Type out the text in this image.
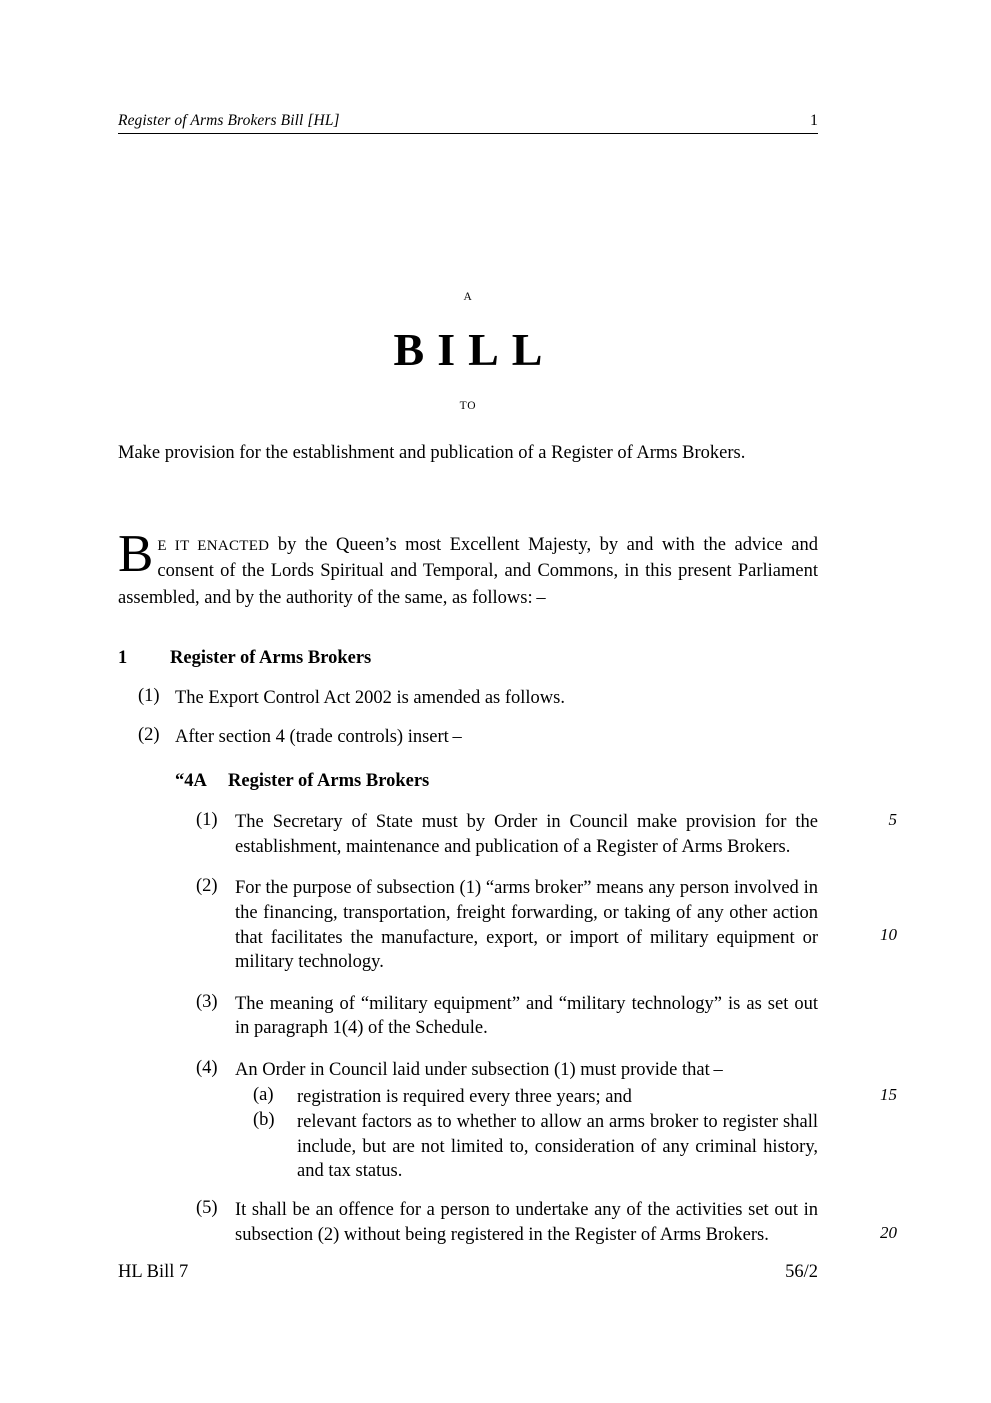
Register of Arms Brokers Bill [HL]	1
A
BILL
TO
Make provision for the establishment and publication of a Register of Arms Brokers.
B E IT ENACTED by the Queen’s most Excellent Majesty, by and with the advice and consent of the Lords Spiritual and Temporal, and Commons, in this present Parliament assembled, and by the authority of the same, as follows: –
1	Register of Arms Brokers
(1) The Export Control Act 2002 is amended as follows.
(2) After section 4 (trade controls) insert –
“4A	Register of Arms Brokers
(1) The Secretary of State must by Order in Council make provision for the establishment, maintenance and publication of a Register of Arms Brokers.
5
(2) For the purpose of subsection (1) “arms broker” means any person involved in the financing, transportation, freight forwarding, or taking of any other action that facilitates the manufacture, export, or import of military equipment or military technology.
10
(3) The meaning of “military equipment” and “military technology” is as set out in paragraph 1(4) of the Schedule.
(4) An Order in Council laid under subsection (1) must provide that –
(a)	registration is required every three years; and	15
(b)	relevant factors as to whether to allow an arms broker to register shall include, but are not limited to, consideration of any criminal history, and tax status.
(5) It shall be an offence for a person to undertake any of the activities set out in subsection (2) without being registered in the Register of Arms Brokers.	20
HL Bill 7	56/2
